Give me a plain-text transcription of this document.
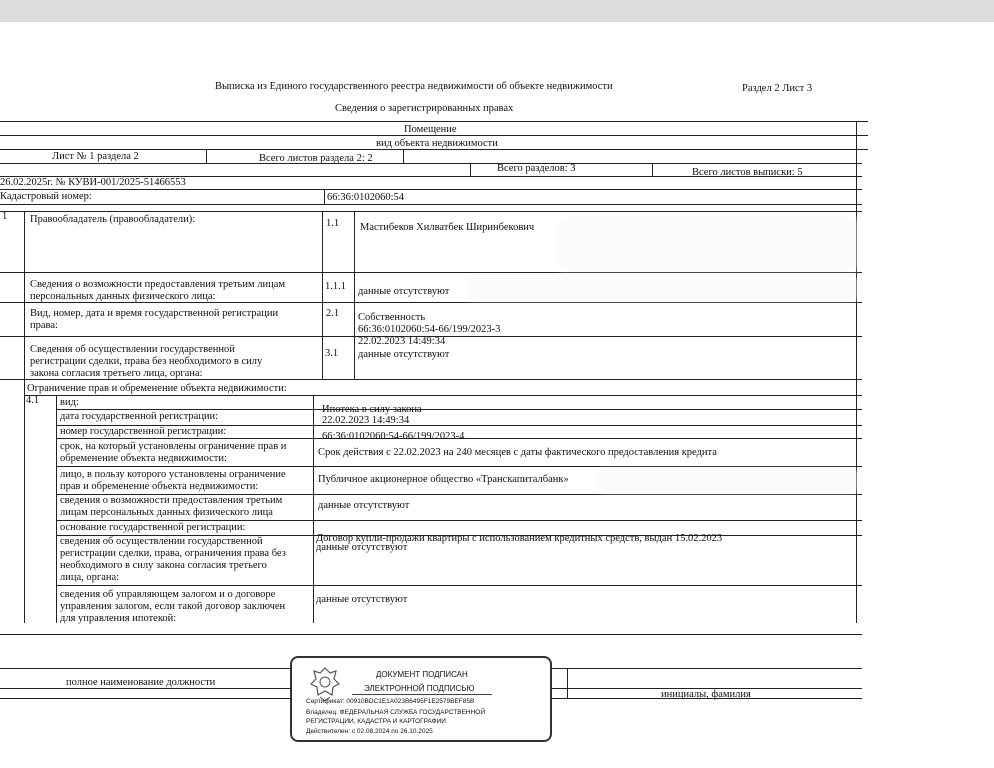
Выписка из Единого государственного реестра недвижимости об объекте недвижимости	Раздел 2 Лист 3
Сведения о зарегистрированных правах
Помещение
вид объекта недвижимости
Лист № 1 раздела 2	Всего листов раздела 2: 2
Всего разделов: 3	Всего листов выписки: 5
26.02.2025г. № КУВИ-001/2025-51466553
Кадастровый номер:	66:36:0102060:54
1 Правообладатель (правообладатели):	1.1 Мастибеков Хилватбек Ширинбекович
Сведения о возможности предоставления третьим лицам
персональных данных физического лица:
1.1.1 данные отсутствуют
Вид, номер, дата и время государственной регистрации
права:
2.1 Собственность
66:36:0102060:54-66/199/2023-3
22.02.2023 14:49:34
Сведения об осуществлении государственной
регистрации сделки, права без необходимого в силу
закона согласия третьего лица, органа:
3.1 данные отсутствуют
Ограничение прав и обременение объекта недвижимости:
4.1 вид:
Ипотека в силу закона
дата государственной регистрации:	22.02.2023 14:49:34
номер государственной регистрации:	66:36:0102060:54-66/199/2023-4
срок, на который установлены ограничение прав и
обременение объекта недвижимости:
Срок действия с 22.02.2023 на 240 месяцев с даты фактического предоставления кредита
лицо, в пользу которого установлены ограничение
прав и обременение объекта недвижимости:
Публичное акционерное общество «Транскапиталбанк»
сведения о возможности предоставления третьим
лицам персональных данных физического лица
данные отсутствуют
основание государственной регистрации:
Договор купли-продажи квартиры с использованием кредитных средств, выдан 15.02.2023
сведения об осуществлении государственной
регистрации сделки, права, ограничения права без
необходимого в силу закона согласия третьего
лица, органа:
данные отсутствуют
сведения об управляющем залогом и о договоре
управления залогом, если такой договор заключен
для управления ипотекой:
данные отсутствуют
полное наименование должности
инициалы, фамилия
ДОКУМЕНТ ПОДПИСАН
ЭЛЕКТРОННОЙ ПОДПИСЬЮ
Сертификат: 00910BDC1E1A023B6495F1E2579BEF85B
Владелец: ФЕДЕРАЛЬНАЯ СЛУЖБА ГОСУДАРСТВЕННОЙ
РЕГИСТРАЦИИ, КАДАСТРА И КАРТОГРАФИИ
Действителен: с 02.08.2024 по 26.10.2025
